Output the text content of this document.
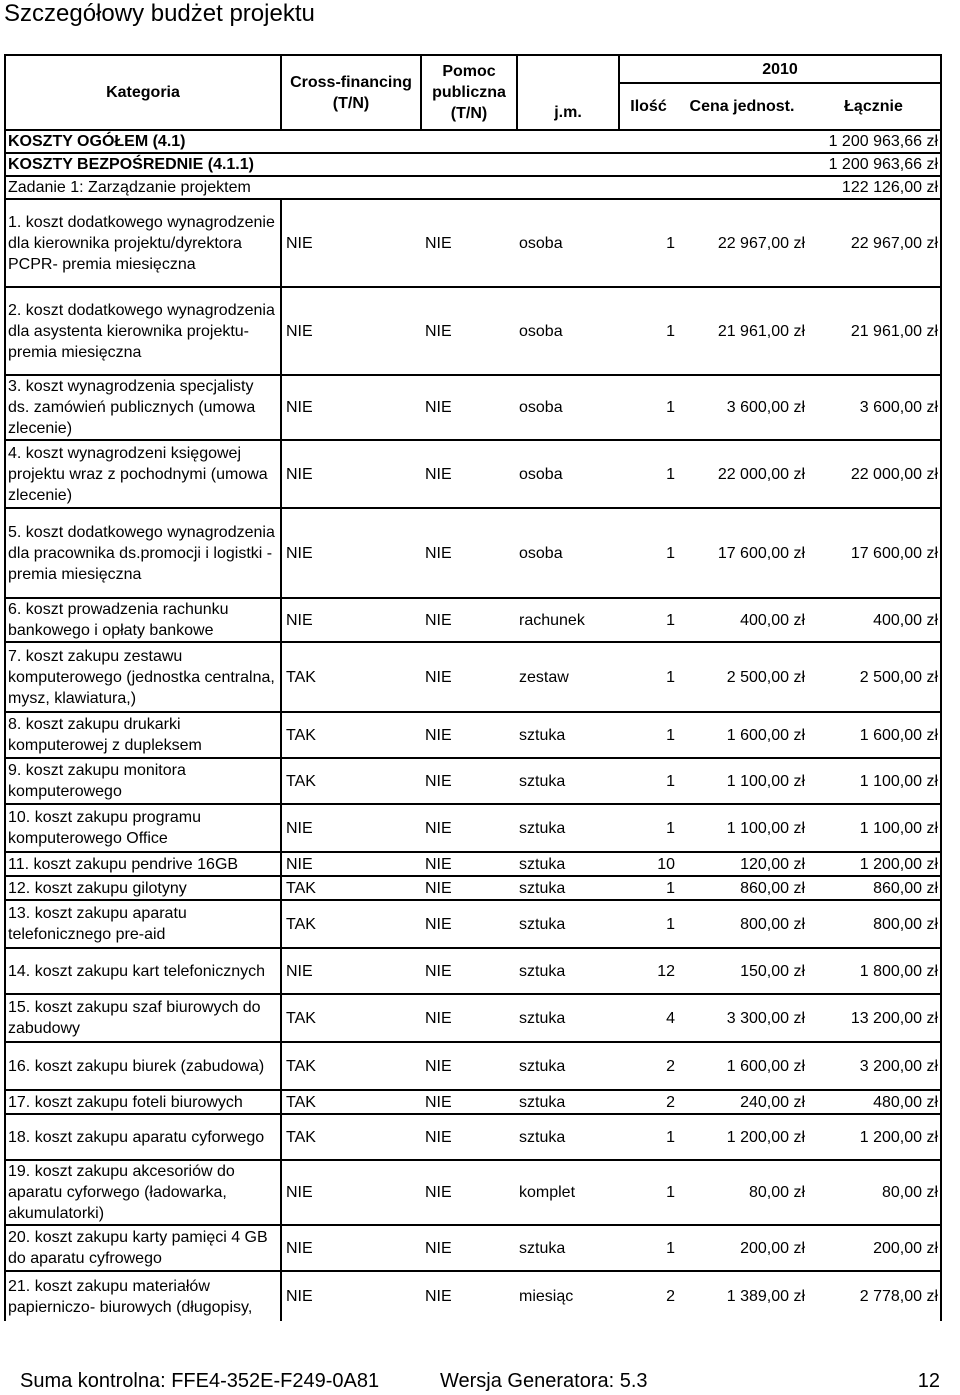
Szczegółowy budżet projektu
Kategoria	Cross-financing (T/N)	Pomoc publiczna (T/N)	j.m.	2010		
				Ilość	Cena jednost.	Łącznie
KOSZTY OGÓŁEM (4.1)						1 200 963,66 zł
KOSZTY BEZPOŚREDNIE (4.1.1)						1 200 963,66 zł
Zadanie 1: Zarządzanie projektem						122 126,00 zł
1. koszt dodatkowego wynagrodzenie dla kierownika projektu/dyrektora PCPR- premia miesięczna	NIE	NIE	osoba	1	22 967,00 zł	22 967,00 zł
2. koszt dodatkowego wynagrodzenia dla asystenta kierownika projektu- premia miesięczna	NIE	NIE	osoba	1	21 961,00 zł	21 961,00 zł
3. koszt wynagrodzenia specjalisty ds. zamówień publicznych (umowa zlecenie)	NIE	NIE	osoba	1	3 600,00 zł	3 600,00 zł
4. koszt wynagrodzeni księgowej projektu wraz z pochodnymi (umowa zlecenie)	NIE	NIE	osoba	1	22 000,00 zł	22 000,00 zł
5. koszt dodatkowego wynagrodzenia dla pracownika ds.promocji i logistki - premia miesięczna	NIE	NIE	osoba	1	17 600,00 zł	17 600,00 zł
6. koszt prowadzenia rachunku bankowego i opłaty bankowe	NIE	NIE	rachunek	1	400,00 zł	400,00 zł
7. koszt zakupu zestawu komputerowego (jednostka centralna, mysz, klawiatura,)	TAK	NIE	zestaw	1	2 500,00 zł	2 500,00 zł
8. koszt zakupu drukarki komputerowej z dupleksem	TAK	NIE	sztuka	1	1 600,00 zł	1 600,00 zł
9. koszt zakupu monitora komputerowego	TAK	NIE	sztuka	1	1 100,00 zł	1 100,00 zł
10. koszt zakupu programu komputerowego Office	NIE	NIE	sztuka	1	1 100,00 zł	1 100,00 zł
11. koszt zakupu pendrive 16GB	NIE	NIE	sztuka	10	120,00 zł	1 200,00 zł
12. koszt zakupu gilotyny	TAK	NIE	sztuka	1	860,00 zł	860,00 zł
13. koszt zakupu aparatu telefonicznego pre-aid	TAK	NIE	sztuka	1	800,00 zł	800,00 zł
14. koszt zakupu kart telefonicznych	NIE	NIE	sztuka	12	150,00 zł	1 800,00 zł
15. koszt zakupu szaf biurowych do zabudowy	TAK	NIE	sztuka	4	3 300,00 zł	13 200,00 zł
16. koszt zakupu biurek (zabudowa)	TAK	NIE	sztuka	2	1 600,00 zł	3 200,00 zł
17. koszt zakupu foteli biurowych	TAK	NIE	sztuka	2	240,00 zł	480,00 zł
18. koszt zakupu aparatu cyforwego	TAK	NIE	sztuka	1	1 200,00 zł	1 200,00 zł
19. koszt zakupu akcesoriów do aparatu cyforwego (ładowarka, akumulatorki)	NIE	NIE	komplet	1	80,00 zł	80,00 zł
20. koszt zakupu karty pamięci 4 GB do aparatu cyfrowego	NIE	NIE	sztuka	1	200,00 zł	200,00 zł
21. koszt zakupu materiałów papierniczo- biurowych (długopisy,	NIE	NIE	miesiąc	2	1 389,00 zł	2 778,00 zł
Suma kontrolna: FFE4-352E-F249-0A81	Wersja Generatora: 5.3	12
